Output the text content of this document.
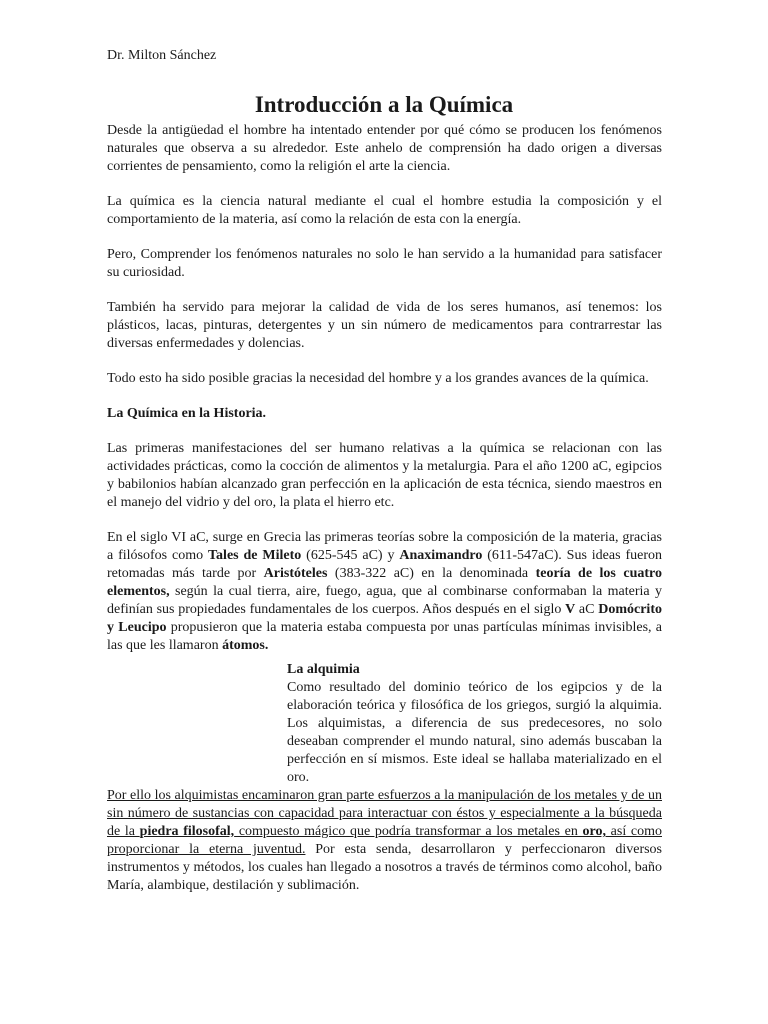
Dr. Milton Sánchez
Introducción a la Química

Desde la antigüedad el hombre ha intentado entender por qué cómo se producen los fenómenos naturales que observa a su alrededor. Este anhelo de comprensión ha dado origen a diversas corrientes de pensamiento, como la religión el arte la ciencia.

La química es la ciencia natural mediante el cual el hombre estudia la composición y el comportamiento de la materia, así como la relación de esta con la energía.

Pero, Comprender los fenómenos naturales no solo le han servido a la humanidad para satisfacer su curiosidad.

También ha servido para mejorar la calidad de vida de los seres humanos, así tenemos: los plásticos, lacas, pinturas, detergentes y un sin número de medicamentos para contrarrestar las diversas enfermedades y dolencias.

Todo esto ha sido posible gracias la necesidad del hombre y a los grandes avances de la química.

La Química en la Historia.

Las primeras manifestaciones del ser humano relativas a la química se relacionan con las actividades prácticas, como la cocción de alimentos y la metalurgia. Para el año 1200 aC, egipcios y babilonios habían alcanzado gran perfección en la aplicación de esta técnica, siendo maestros en el manejo del vidrio y del oro, la plata el hierro etc.

En el siglo VI aC, surge en Grecia las primeras teorías sobre la composición de la materia, gracias a filósofos como Tales de Mileto (625-545 aC) y Anaximandro (611-547aC). Sus ideas fueron retomadas más tarde por Aristóteles (383-322 aC) en la denominada teoría de los cuatro elementos, según la cual tierra, aire, fuego, agua, que al combinarse conformaban la materia y definían sus propiedades fundamentales de los cuerpos. Años después en el siglo V aC Domócrito y Leucipo propusieron que la materia estaba compuesta por unas partículas mínimas invisibles, a las que les llamaron átomos.

La alquimia

Como resultado del dominio teórico de los egipcios y de la elaboración teórica y filosófica de los griegos, surgió la alquimia. Los alquimistas, a diferencia de sus predecesores, no solo deseaban comprender el mundo natural, sino además buscaban la perfección en sí mismos. Este ideal se hallaba materializado en el oro.

Por ello los alquimistas encaminaron gran parte esfuerzos a la manipulación de los metales y de un sin número de sustancias con capacidad para interactuar con éstos y especialmente a la búsqueda de la piedra filosofal, compuesto mágico que podría transformar a los metales en oro, así como proporcionar la eterna juventud. Por esta senda, desarrollaron y perfeccionaron diversos instrumentos y métodos, los cuales han llegado a nosotros a través de términos como alcohol, baño María, alambique, destilación y sublimación.
